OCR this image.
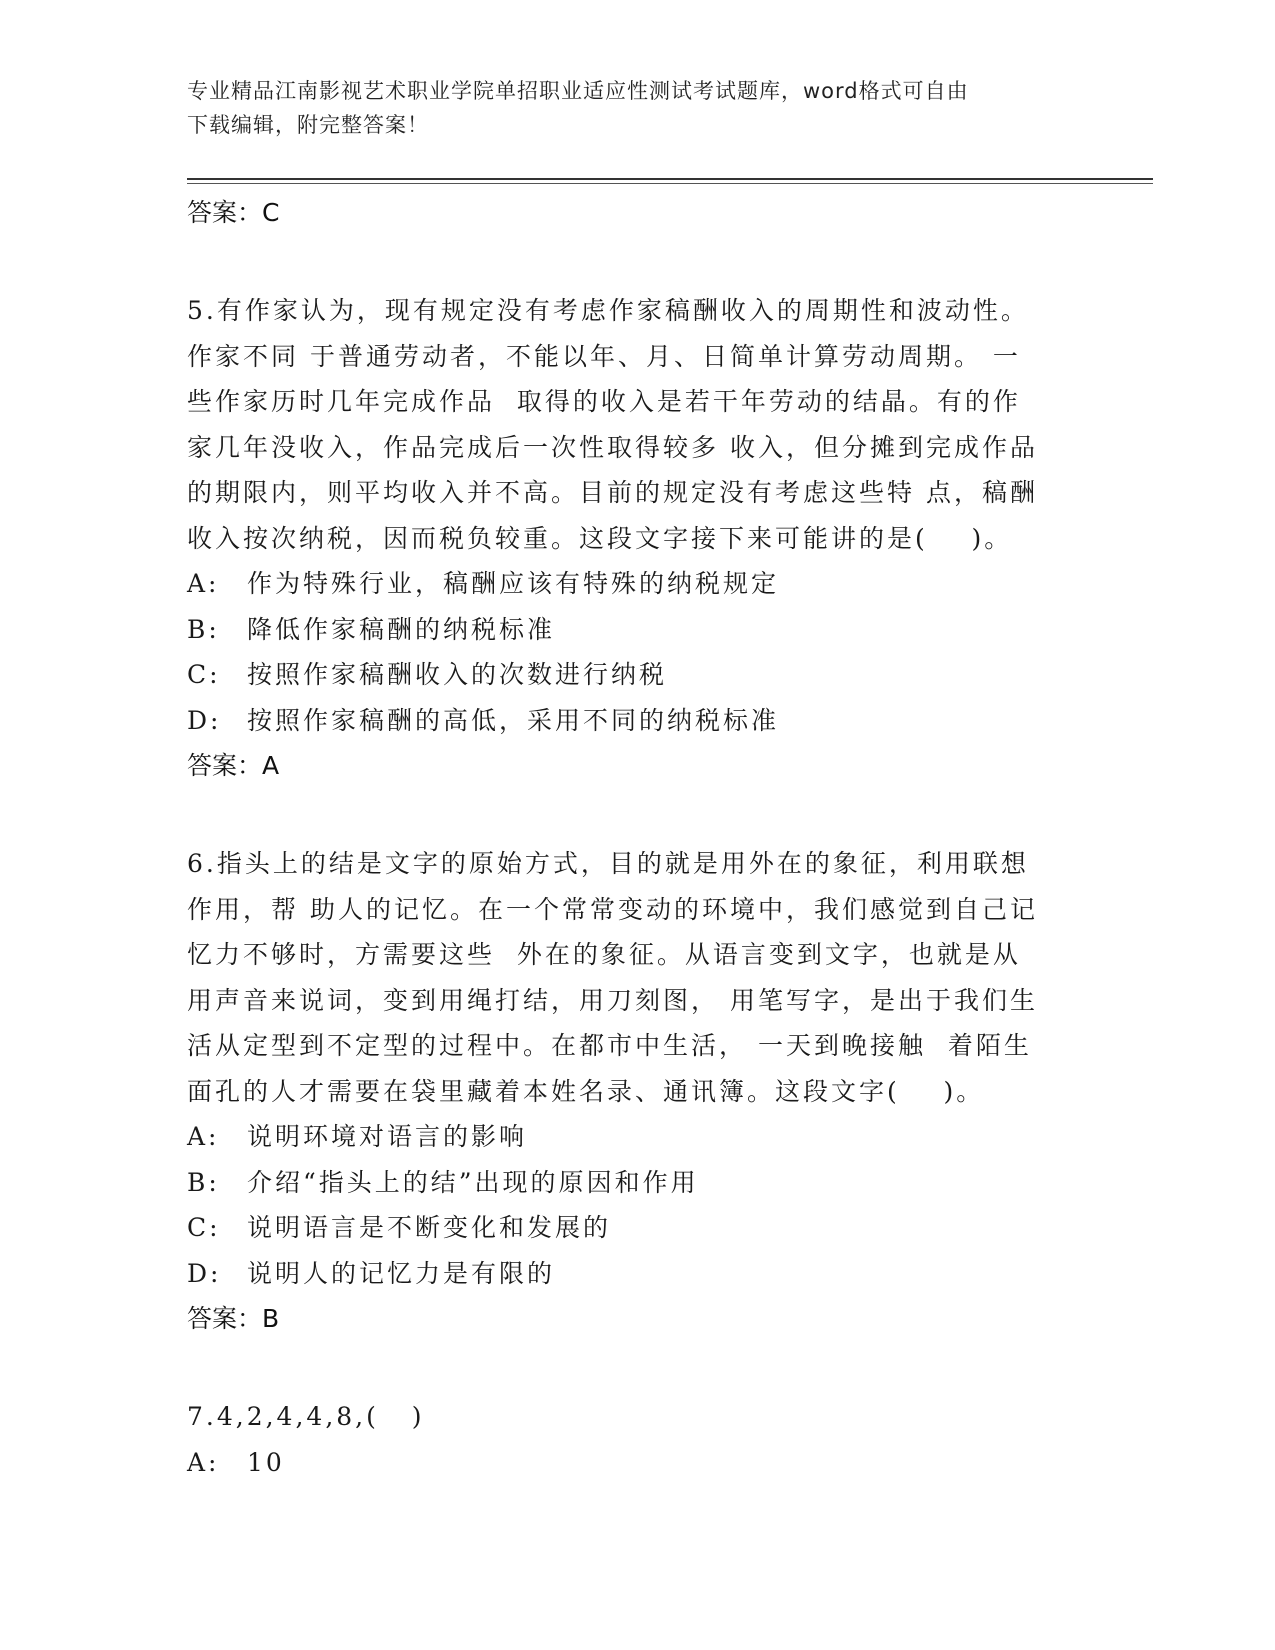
专业精品江南影视艺术职业学院单招职业适应性测试考试题库，word格式可自由
下载编辑，附完整答案！

答案：C

5.有作家认为，现有规定没有考虑作家稿酬收入的周期性和波动性。

作家不同 于普通劳动者，不能以年、月、日简单计算劳动周期。 一

些作家历时几年完成作品  取得的收入是若干年劳动的结晶。有的作

家几年没收入，作品完成后一次性取得较多 收入，但分摊到完成作品

的期限内，则平均收入并不高。目前的规定没有考虑这些特 点，稿酬

收入按次纳税，因而税负较重。这段文字接下来可能讲的是(    )。

A: 作为特殊行业，稿酬应该有特殊的纳税规定

B: 降低作家稿酬的纳税标准

C: 按照作家稿酬收入的次数进行纳税

D: 按照作家稿酬的高低，采用不同的纳税标准

答案：A

6.指头上的结是文字的原始方式，目的就是用外在的象征，利用联想

作用，帮 助人的记忆。在一个常常变动的环境中，我们感觉到自己记

忆力不够时，方需要这些  外在的象征。从语言变到文字，也就是从

用声音来说词，变到用绳打结，用刀刻图， 用笔写字，是出于我们生

活从定型到不定型的过程中。在都市中生活， 一天到晚接触  着陌生

面孔的人才需要在袋里藏着本姓名录、通讯簿。这段文字(    )。

A: 说明环境对语言的影响

B: 介绍“指头上的结”出现的原因和作用

C: 说明语言是不断变化和发展的

D: 说明人的记忆力是有限的

答案：B

7.4,2,4,4,8,(   )

A: 10
